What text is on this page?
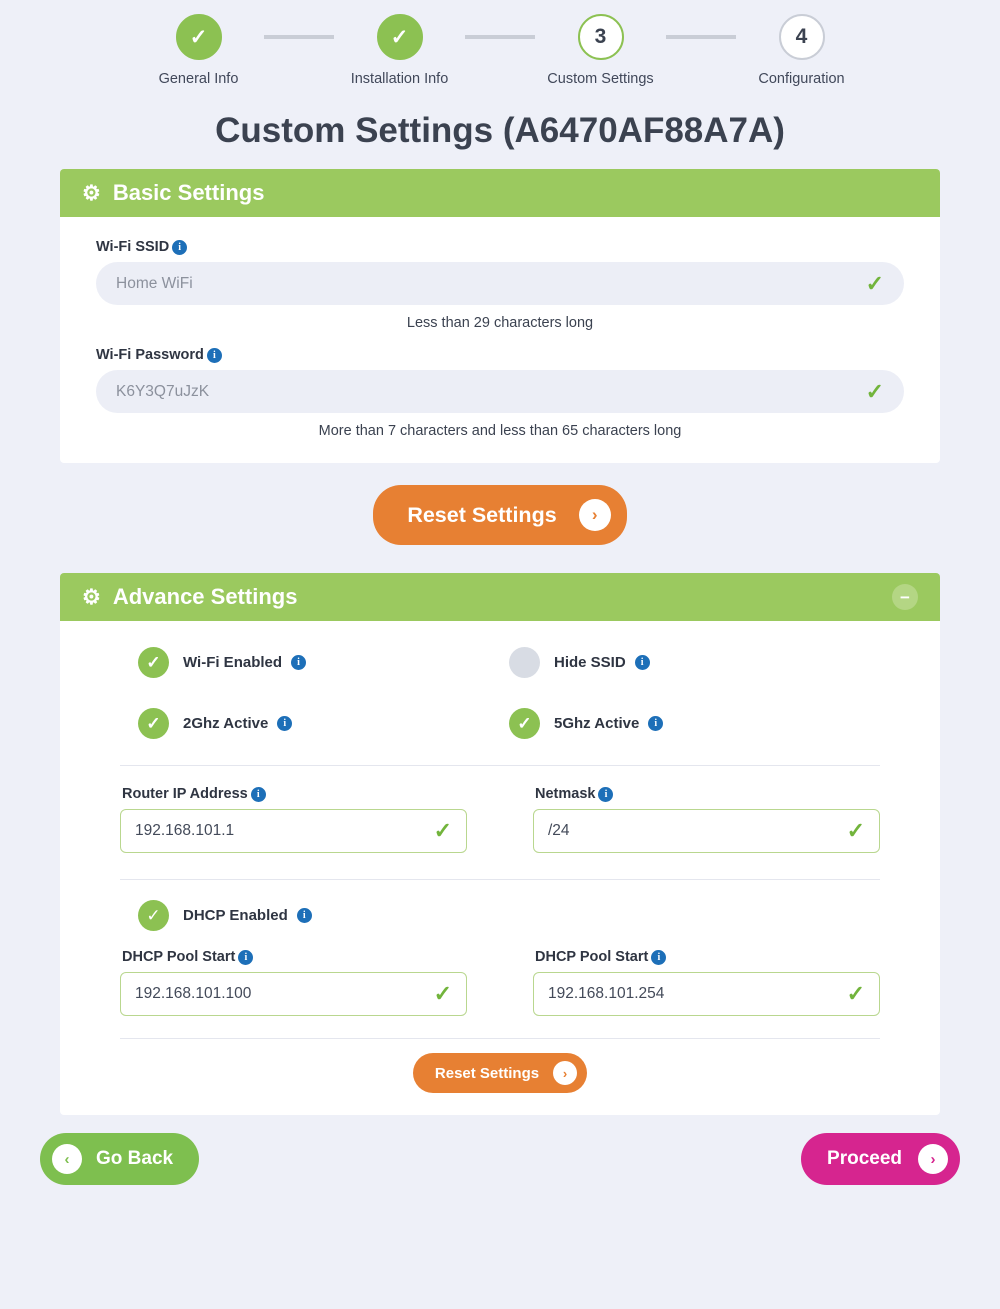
✓
General Info
✓
Installation Info
3
Custom Settings
4
Configuration
Custom Settings (A6470AF88A7A)
⚙ Basic Settings
Wi-Fi SSID i
Home WiFi	✓
Less than 29 characters long
Wi-Fi Password i
K6Y3Q7uJzK	✓
More than 7 characters and less than 65 characters long
Reset Settings	›
⚙ Advance Settings	−
✓	Wi-Fi Enabled	i	Hide SSID	i
✓	2Ghz Active	i	✓	5Ghz Active	i
Router IP Address i
192.168.101.1	✓
Netmask i
/24	✓
✓	DHCP Enabled	i
DHCP Pool Start i
192.168.101.100	✓
DHCP Pool Start i
192.168.101.254	✓
Reset Settings	›
‹	Go Back	Proceed	›
